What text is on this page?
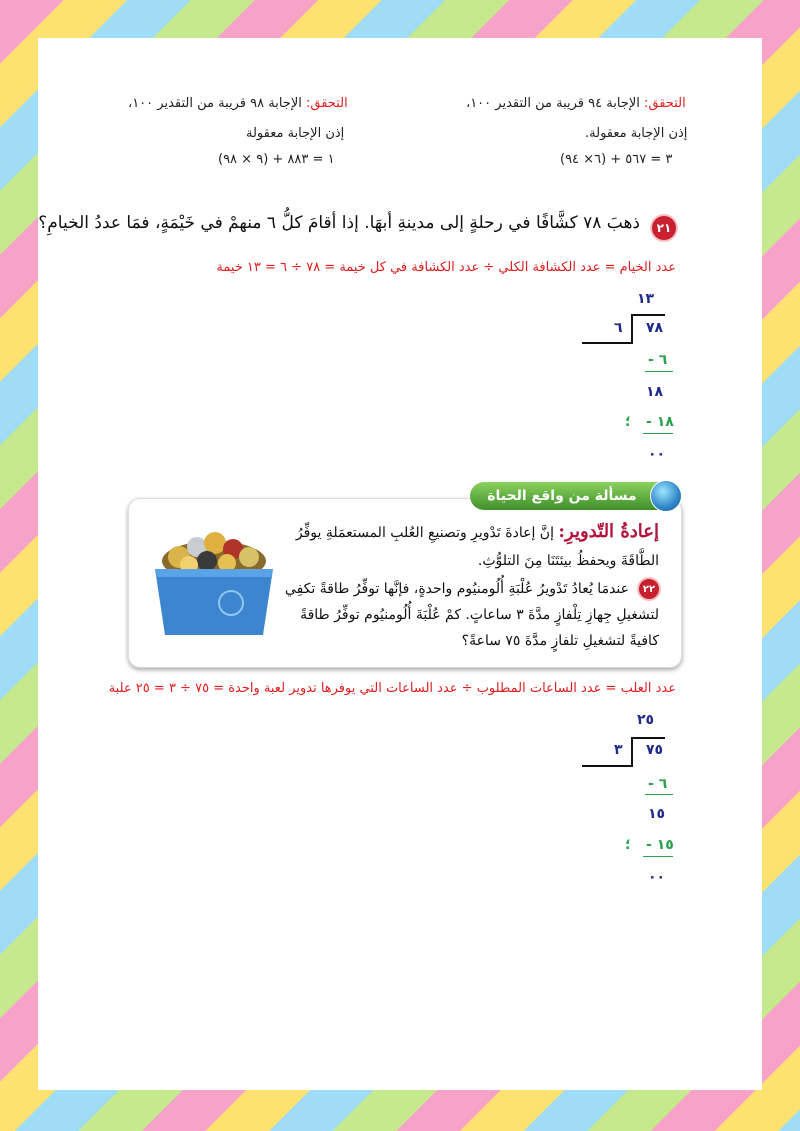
التحقق: الإجابة ٩٤ قريبة من التقدير ١٠٠،
إذن الإجابة معقولة.
(٦× ٩٤) + ٣ = ٥٦٧
التحقق: الإجابة ٩٨ قريبة من التقدير ١٠٠،
إذن الإجابة معقولة
(٩ × ٩٨) + ١ = ٨٨٣
٢١
ذهبَ ٧٨ كشَّافًا في رحلةٍ إلى مدينةِ أبهَا. إذا أقامَ كلُّ ٦ منهمْ في خَيْمَةٍ، فمَا عددُ الخيامِ؟
عدد الخيام = عدد الكشافة الكلي ÷ عدد الكشافة في كل خيمة = ٧٨ ÷ ٦ = ١٣ خيمة
١٣
٧٨
٦
٦ -
١٨
١٨ -
؛
٠٠
إعادةُ التّدويرِ: إنَّ إعادةَ تَدْويرِ وتصنيعِ العُلبِ المستعمَلةِ يوفِّرُ
الطَّاقَةَ ويحفظُ بيئتَنَا مِنَ التلوُّثِ.
٢٢
عندمَا يُعادُ تَدْويرُ عُلْبَةِ أُلُومنيُوم واحدةٍ، فإنَّها توفِّرُ طاقةً تكفِي
لتشغيلِ جِهازِ تِلْفازٍ مدَّةَ ٣ ساعاتٍ. كمْ عُلْبَةَ أُلُومنيُوم توفِّرُ طاقةً
كافيةً لتشغيلِ تلفازٍ مدَّةَ ٧٥ ساعةً؟
مسألة من واقع الحياة
عدد العلب = عدد الساعات المطلوب ÷ عدد الساعات التي يوفرها تدوير لعبة واحدة = ٧٥ ÷ ٣ = ٢٥ علبة
٢٥
٧٥
٣
٦ -
١٥
١٥ -
؛
٠٠
